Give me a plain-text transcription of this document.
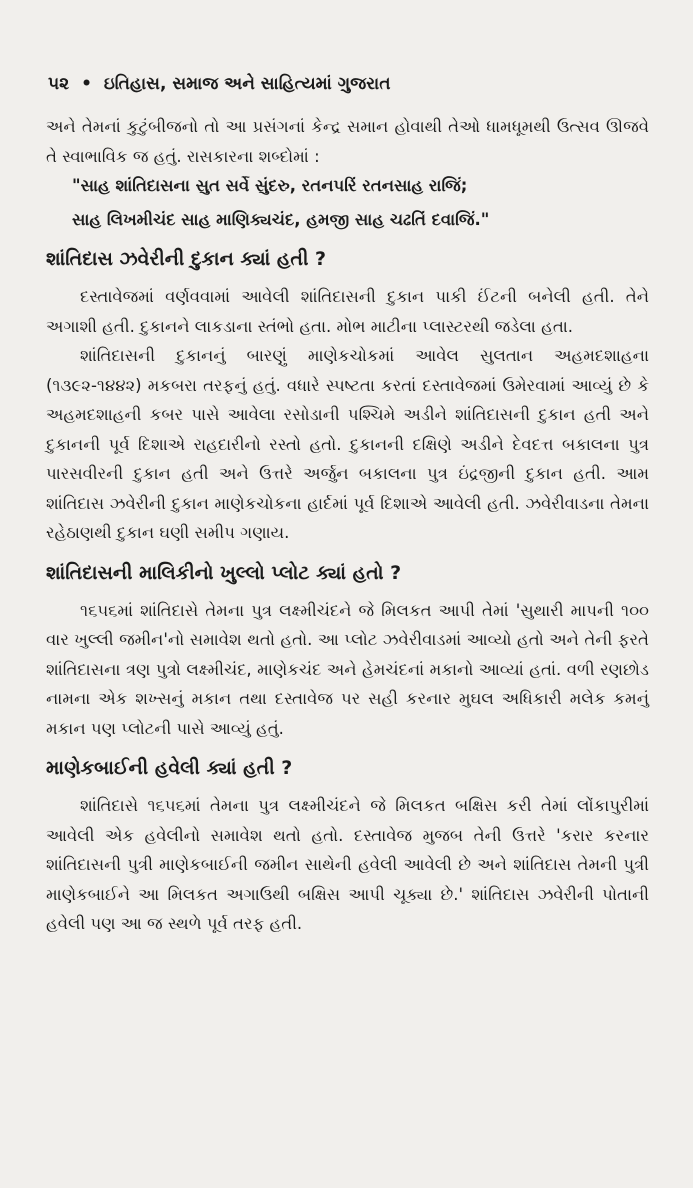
૫૨ • ઇતિહાસ, સમાજ અને સાહિત્યમાં ગુજરાત

અને તેમનાં કુટુંબીજનો તો આ પ્રસંગનાં કેન્દ્ર સમાન હોવાથી તેઓ ધામધૂમથી ઉત્સવ ઊજવે તે સ્વાભાવિક જ હતું. રાસકારના શબ્દોમાં :

"સાહ શાંતિદાસના સુત સર્વે સુંદરુ, રતનપરિં રતનસાહ રાજિં;
સાહ લિખમીચંદ સાહ માણિક્યચંદ, હમજી સાહ ચઢતિં દવાજિં."
શાંતિદાસ ઝવેરીની દુકાન ક્યાં હતી ?

દસ્તાવેજમાં વર્ણવવામાં આવેલી શાંતિદાસની દુકાન પાકી ઈંટની બનેલી હતી. તેને અગાશી હતી. દુકાનને લાકડાના સ્તંભો હતા. મોભ માટીના પ્લાસ્ટરથી જડેલા હતા.

શાંતિદાસની દુકાનનું બારણું માણેકચોકમાં આવેલ સુલતાન અહમદશાહના (૧૩૯૨-૧૪૪૨) મકબરા તરફનું હતું. વધારે સ્પષ્ટતા કરતાં દસ્તાવેજમાં ઉમેરવામાં આવ્યું છે કે અહમદશાહની કબર પાસે આવેલા રસોડાની પશ્ચિમે અડીને શાંતિદાસની દુકાન હતી અને દુકાનની પૂર્વ દિશાએ રાહદારીનો રસ્તો હતો. દુકાનની દક્ષિણે અડીને દેવદત્ત બકાલના પુત્ર પારસવીરની દુકાન હતી અને ઉત્તરે અર્જુન બકાલના પુત્ર ઇંદ્રજીની દુકાન હતી. આમ શાંતિદાસ ઝવેરીની દુકાન માણેકચોકના હાર્દમાં પૂર્વ દિશાએ આવેલી હતી. ઝવેરીવાડના તેમના રહેઠાણથી દુકાન ઘણી સમીપ ગણાય.

શાંતિદાસની માલિકીનો ખુલ્લો પ્લોટ ક્યાં હતો ?

૧૬૫૬માં શાંતિદાસે તેમના પુત્ર લક્ષ્મીચંદને જે મિલકત આપી તેમાં 'સુથારી માપની ૧૦૦ વાર ખુલ્લી જમીન'નો સમાવેશ થતો હતો. આ પ્લોટ ઝવેરીવાડમાં આવ્યો હતો અને તેની ફરતે શાંતિદાસના ત્રણ પુત્રો લક્ષ્મીચંદ, માણેકચંદ અને હેમચંદનાં મકાનો આવ્યાં હતાં. વળી રણછોડ નામના એક શખ્સનું મકાન તથા દસ્તાવેજ પર સહી કરનાર મુઘલ અધિકારી મલેક કમનું મકાન પણ પ્લોટની પાસે આવ્યું હતું.

માણેકબાઈની હવેલી ક્યાં હતી ?

શાંતિદાસે ૧૬૫૬માં તેમના પુત્ર લક્ષ્મીચંદને જે મિલકત બક્ષિસ કરી તેમાં લોંકાપુરીમાં આવેલી એક હવેલીનો સમાવેશ થતો હતો. દસ્તાવેજ મુજબ તેની ઉત્તરે 'કરાર કરનાર શાંતિદાસની પુત્રી માણેકબાઈની જમીન સાથેની હવેલી આવેલી છે અને શાંતિદાસ તેમની પુત્રી માણેકબાઈને આ મિલકત અગાઉથી બક્ષિસ આપી ચૂક્યા છે.' શાંતિદાસ ઝવેરીની પોતાની હવેલી પણ આ જ સ્થળે પૂર્વ તરફ હતી.
